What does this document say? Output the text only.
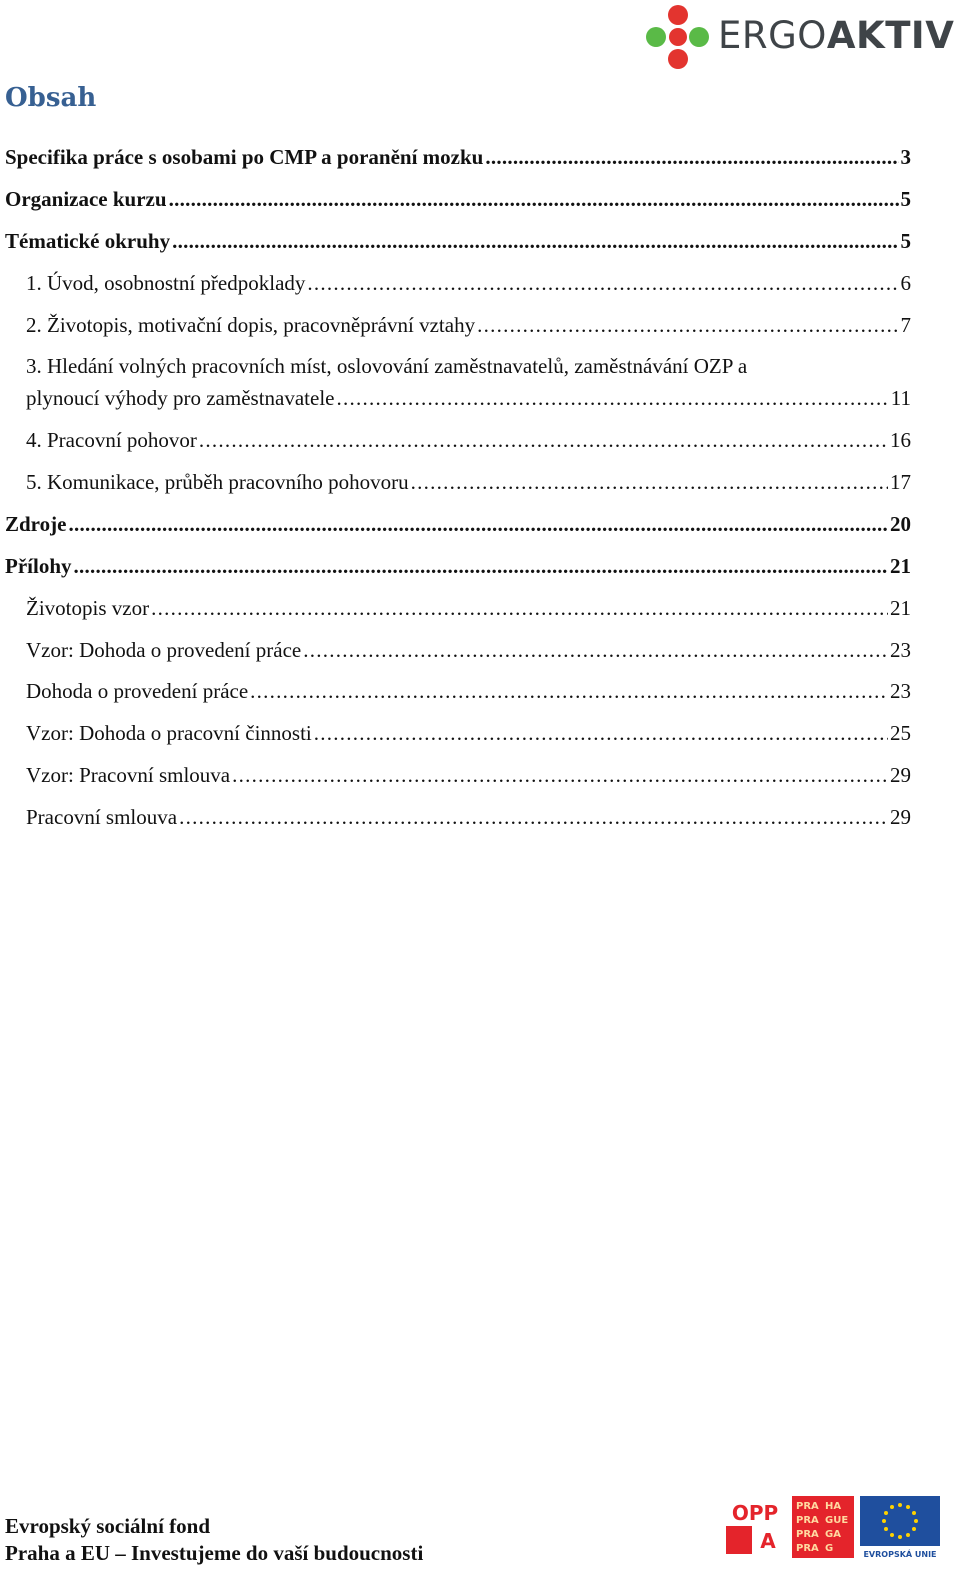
ERGOAKTIV
Obsah
Specifika práce s osobami po CMP a poranění mozku . . .	3
Organizace kurzu . . .	5
Tématické okruhy . . .	5
1. Úvod, osobnostní předpoklady . . .	6
2. Životopis, motivační dopis, pracovněprávní vztahy . . .	7
3. Hledání volných pracovních míst, oslovování zaměstnavatelů, zaměstnávání OZP a
plynoucí výhody pro zaměstnavatele . . .	11
4. Pracovní pohovor . . .	16
5. Komunikace, průběh pracovního pohovoru . . .	17
Zdroje . . .	20
Přílohy . . .	21
Životopis vzor . . .	21
Vzor: Dohoda o provedení práce . . .	23
Dohoda o provedení práce . . .	23
Vzor: Dohoda o pracovní činnosti . . .	25
Vzor: Pracovní smlouva . . .	29
Pracovní smlouva . . .	29
Evropský sociální fond
Praha a EU – Investujeme do vaší budoucnosti
OPP
A
PRA HA
PRA GUE
PRA GA
PRA G
EVROPSKÁ UNIE
